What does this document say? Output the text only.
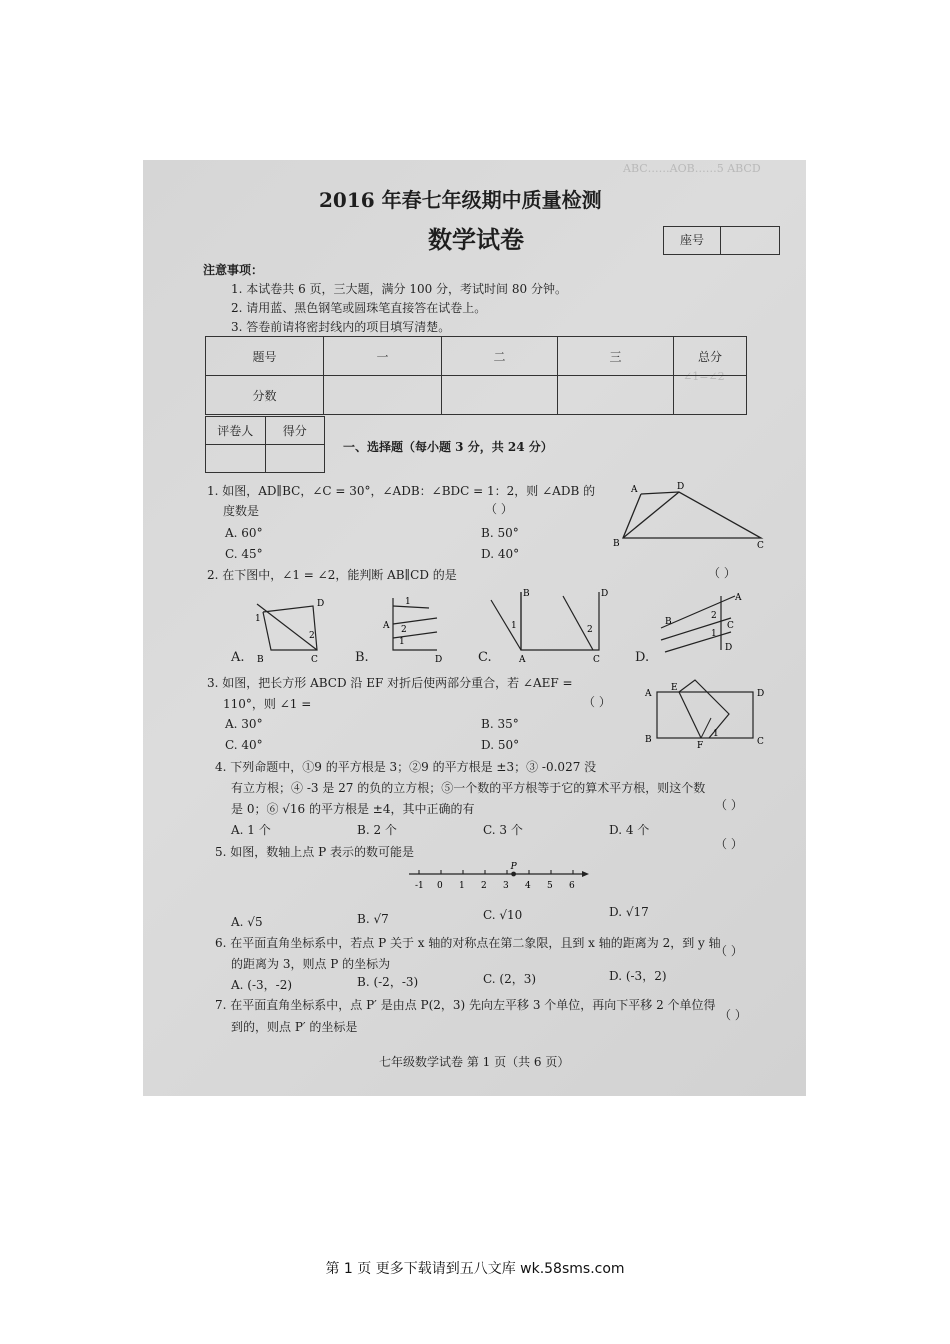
ABC……AOB……5 ABCD
∠1=∠2
2016 年春七年级期中质量检测
数学试卷	座号
注意事项：
1. 本试卷共 6 页，三大题，满分 100 分，考试时间 80 分钟。
2. 请用蓝、黑色钢笔或圆珠笔直接答在试卷上。
3. 答卷前请将密封线内的项目填写清楚。
题号	一	二	三	总分
分数				
评卷人	得分

一、选择题（每小题 3 分，共 24 分）
1. 如图，AD∥BC，∠C = 30°，∠ADB：∠BDC = 1：2，则 ∠ADB 的
度数是	（ ）
A. 60°	B. 50°
C. 45°	D. 40°
A	D
B	C
2. 在下图中，∠1 = ∠2，能判断 AB∥CD 的是	（ ）
1
2
D
B	C
A 2
1
1
D
B	D
1	2
A	C
B
A
C
D
2
1
A.	B.	C.	D.
3. 如图，把长方形 ABCD 沿 EF 对折后使两部分重合，若 ∠AEF =
110°，则 ∠1 =	（ ）
A. 30°	B. 35°
C. 40°	D. 50°
A
E
D
B
F	C
1
4. 下列命题中，①9 的平方根是 3；②9 的平方根是 ±3；③ -0.027 没
有立方根；④ -3 是 27 的负的立方根；⑤一个数的平方根等于它的算术平方根，则这个数
是 0；⑥ √16 的平方根是 ±4，其中正确的有	（ ）
A. 1 个	B. 2 个	C. 3 个	D. 4 个
5. 如图，数轴上点 P 表示的数可能是
（ ）
-1 0 1 2 3 4 5 6
P
A. √5	B. √7	C. √10	D. √17
6. 在平面直角坐标系中，若点 P 关于 x 轴的对称点在第二象限，且到 x 轴的距离为 2，到 y 轴
的距离为 3，则点 P 的坐标为
（ ）
A. (-3，-2)	B. (-2，-3)	C. (2，3)	D. (-3，2)
7. 在平面直角坐标系中，点 P′ 是由点 P(2，3) 先向左平移 3 个单位，再向下平移 2 个单位得
到的，则点 P′ 的坐标是
（ ）
七年级数学试卷 第 1 页（共 6 页）
第 1 页 更多下载请到五八文库 wk.58sms.com
